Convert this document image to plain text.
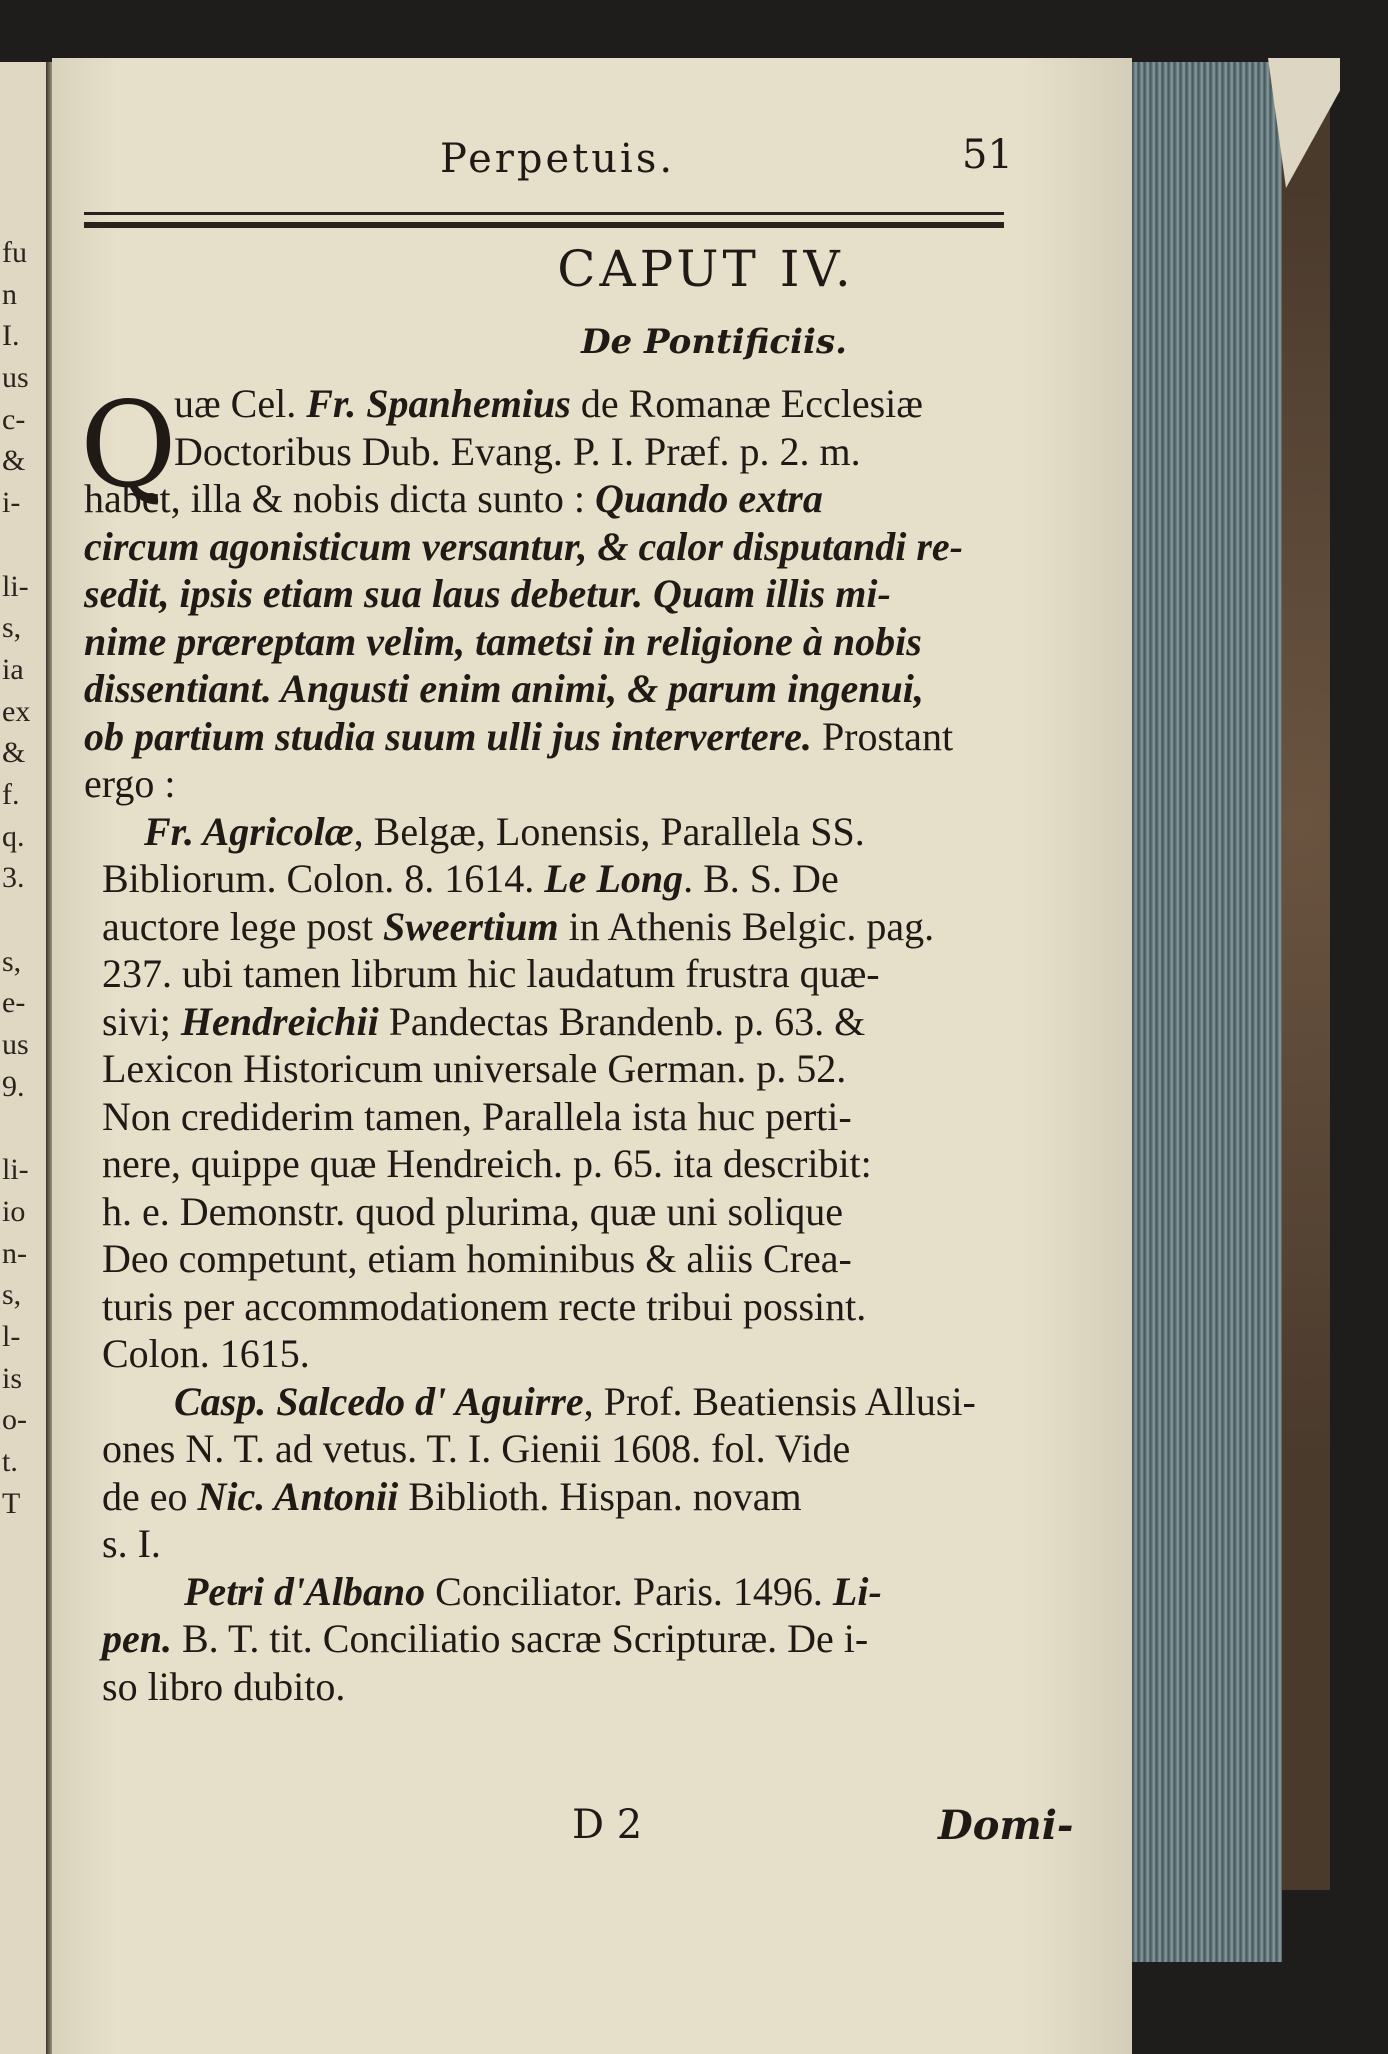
fu
n
I.
us
c-
&
i-
li-
s,
ia
ex
&
f.
q.
3.
s,
e-
us
9.
li-
io
n-
s,
l-
is
o-
t.
T
Perpetuis.	51
CAPUT IV.
De Pontificiis.
Q
uæ Cel. Fr. Spanhemius de Romanæ Ecclesiæ
Doctoribus Dub. Evang. P. I. Præf. p. 2. m.
habet, illa & nobis dicta sunto : Quando extra
circum agonisticum versantur, & calor disputandi re-
sedit, ipsis etiam sua laus debetur. Quam illis mi-
nime præreptam velim, tametsi in religione à nobis
dissentiant. Angusti enim animi, & parum ingenui,
ob partium studia suum ulli jus intervertere. Prostant
ergo :
Fr. Agricolæ, Belgæ, Lonensis, Parallela SS.
Bibliorum. Colon. 8. 1614. Le Long. B. S. De
auctore lege post Sweertium in Athenis Belgic. pag.
237. ubi tamen librum hic laudatum frustra quæ-
sivi; Hendreichii Pandectas Brandenb. p. 63. &
Lexicon Historicum universale German. p. 52.
Non crediderim tamen, Parallela ista huc perti-
nere, quippe quæ Hendreich. p. 65. ita describit:
h. e. Demonstr. quod plurima, quæ uni solique
Deo competunt, etiam hominibus & aliis Crea-
turis per accommodationem recte tribui possint.
Colon. 1615.
Casp. Salcedo d' Aguirre, Prof. Beatiensis Allusi-
ones N. T. ad vetus. T. I. Gienii 1608. fol. Vide
de eo Nic. Antonii Biblioth. Hispan. novam
s. I.
Petri d'Albano Conciliator. Paris. 1496. Li-
pen. B. T. tit. Conciliatio sacræ Scripturæ. De i-
so libro dubito.
D 2	Domi-
